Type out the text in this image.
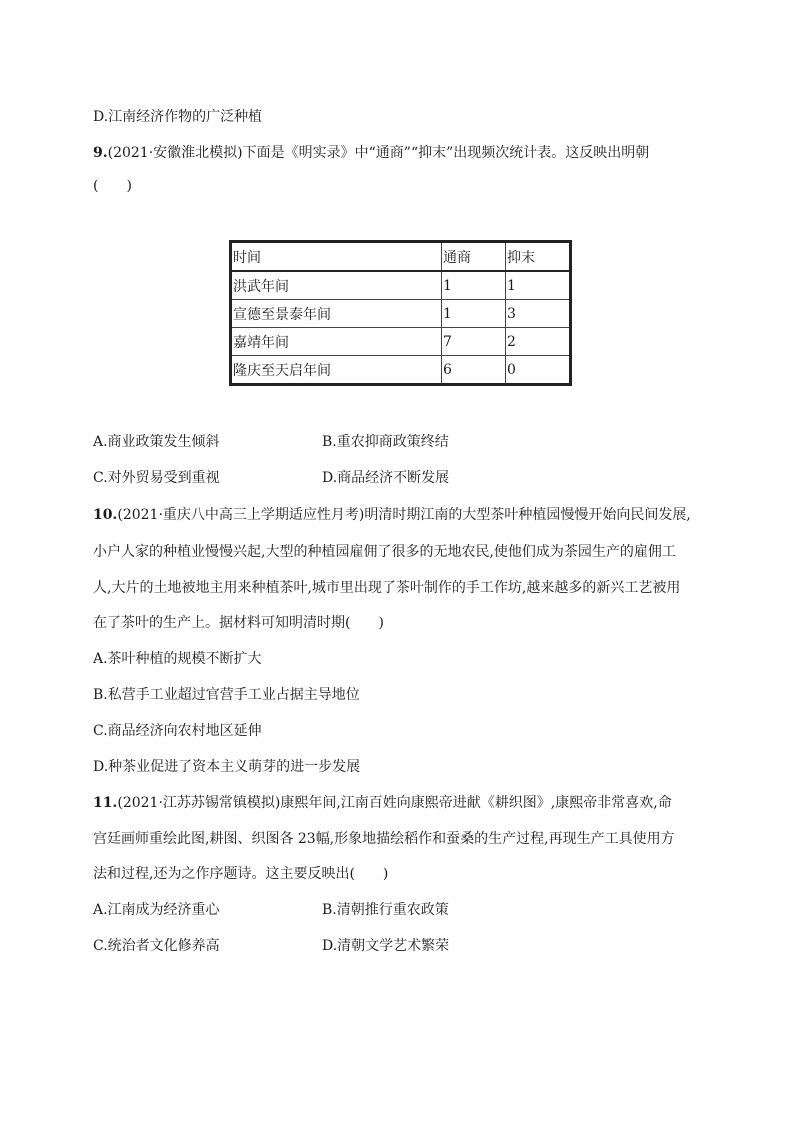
D.江南经济作物的广泛种植
9.(2021·安徽淮北模拟)下面是《明实录》中“通商”“抑末”出现频次统计表。这反映出明朝
(　　)
时间	通商	抑末
洪武年间	1	1
宣德至景泰年间	1	3
嘉靖年间	7	2
隆庆至天启年间	6	0
A.商业政策发生倾斜	B.重农抑商政策终结
C.对外贸易受到重视	D.商品经济不断发展
10.(2021·重庆八中高三上学期适应性月考)明清时期江南的大型茶叶种植园慢慢开始向民间发展,
小户人家的种植业慢慢兴起,大型的种植园雇佣了很多的无地农民,使他们成为茶园生产的雇佣工
人,大片的土地被地主用来种植茶叶,城市里出现了茶叶制作的手工作坊,越来越多的新兴工艺被用
在了茶叶的生产上。据材料可知明清时期(　　)
A.茶叶种植的规模不断扩大
B.私营手工业超过官营手工业占据主导地位
C.商品经济向农村地区延伸
D.种茶业促进了资本主义萌芽的进一步发展
11.(2021·江苏苏锡常镇模拟)康熙年间,江南百姓向康熙帝进献《耕织图》,康熙帝非常喜欢,命
宫廷画师重绘此图,耕图、织图各 23幅,形象地描绘稻作和蚕桑的生产过程,再现生产工具使用方
法和过程,还为之作序题诗。这主要反映出(　　)
A.江南成为经济重心	B.清朝推行重农政策
C.统治者文化修养高	D.清朝文学艺术繁荣
